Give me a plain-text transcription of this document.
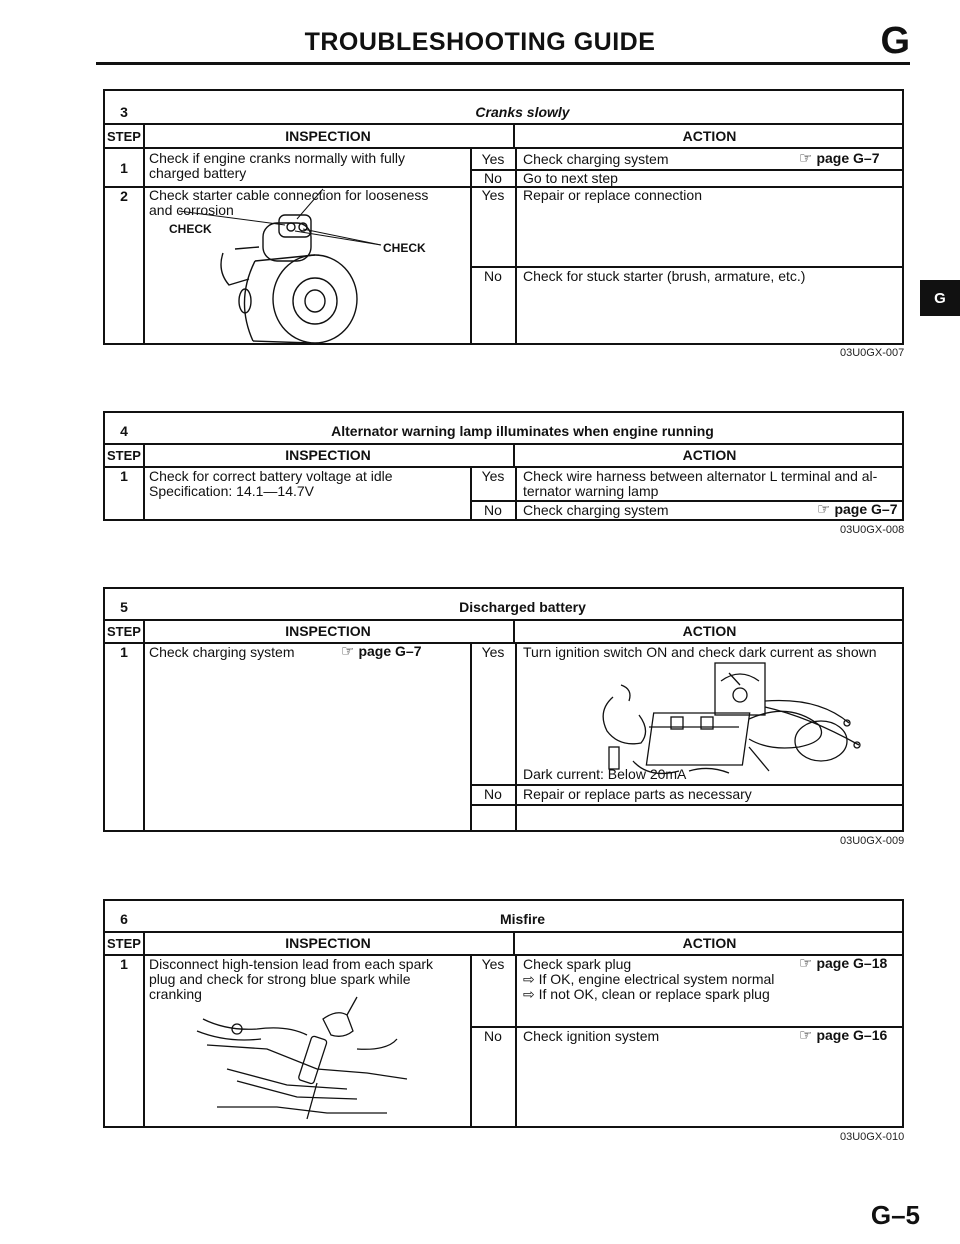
TROUBLESHOOTING GUIDE	G
G
3	Cranks slowly
STEP	INSPECTION	ACTION
1
Check if engine cranks normally with fully
charged battery
Yes	Check charging system	☞ page G–7
No	Go to next step
2	Check starter cable connection for looseness
and corrosion
Yes	Repair or replace connection
No	Check for stuck starter (brush, armature, etc.)
CHECK
CHECK
03U0GX-007
4	Alternator warning lamp illuminates when engine running
STEP	INSPECTION	ACTION
1	Check for correct battery voltage at idle
Specification: 14.1—14.7V
Yes	Check wire harness between alternator L terminal and al-
ternator warning lamp
No	Check charging system	☞ page G–7
03U0GX-008
5	Discharged battery
STEP	INSPECTION	ACTION
1	Check charging system	☞ page G–7	Yes	Turn ignition switch ON and check dark current as shown
Dark current: Below 20mA
No	Repair or replace parts as necessary
03U0GX-009
6	Misfire
STEP	INSPECTION	ACTION
1	Disconnect high-tension lead from each spark
plug and check for strong blue spark while
cranking
Yes	Check spark plug	☞ page G–18
⇨ If OK, engine electrical system normal
⇨ If not OK, clean or replace spark plug
No	Check ignition system	☞ page G–16
03U0GX-010
G–5
